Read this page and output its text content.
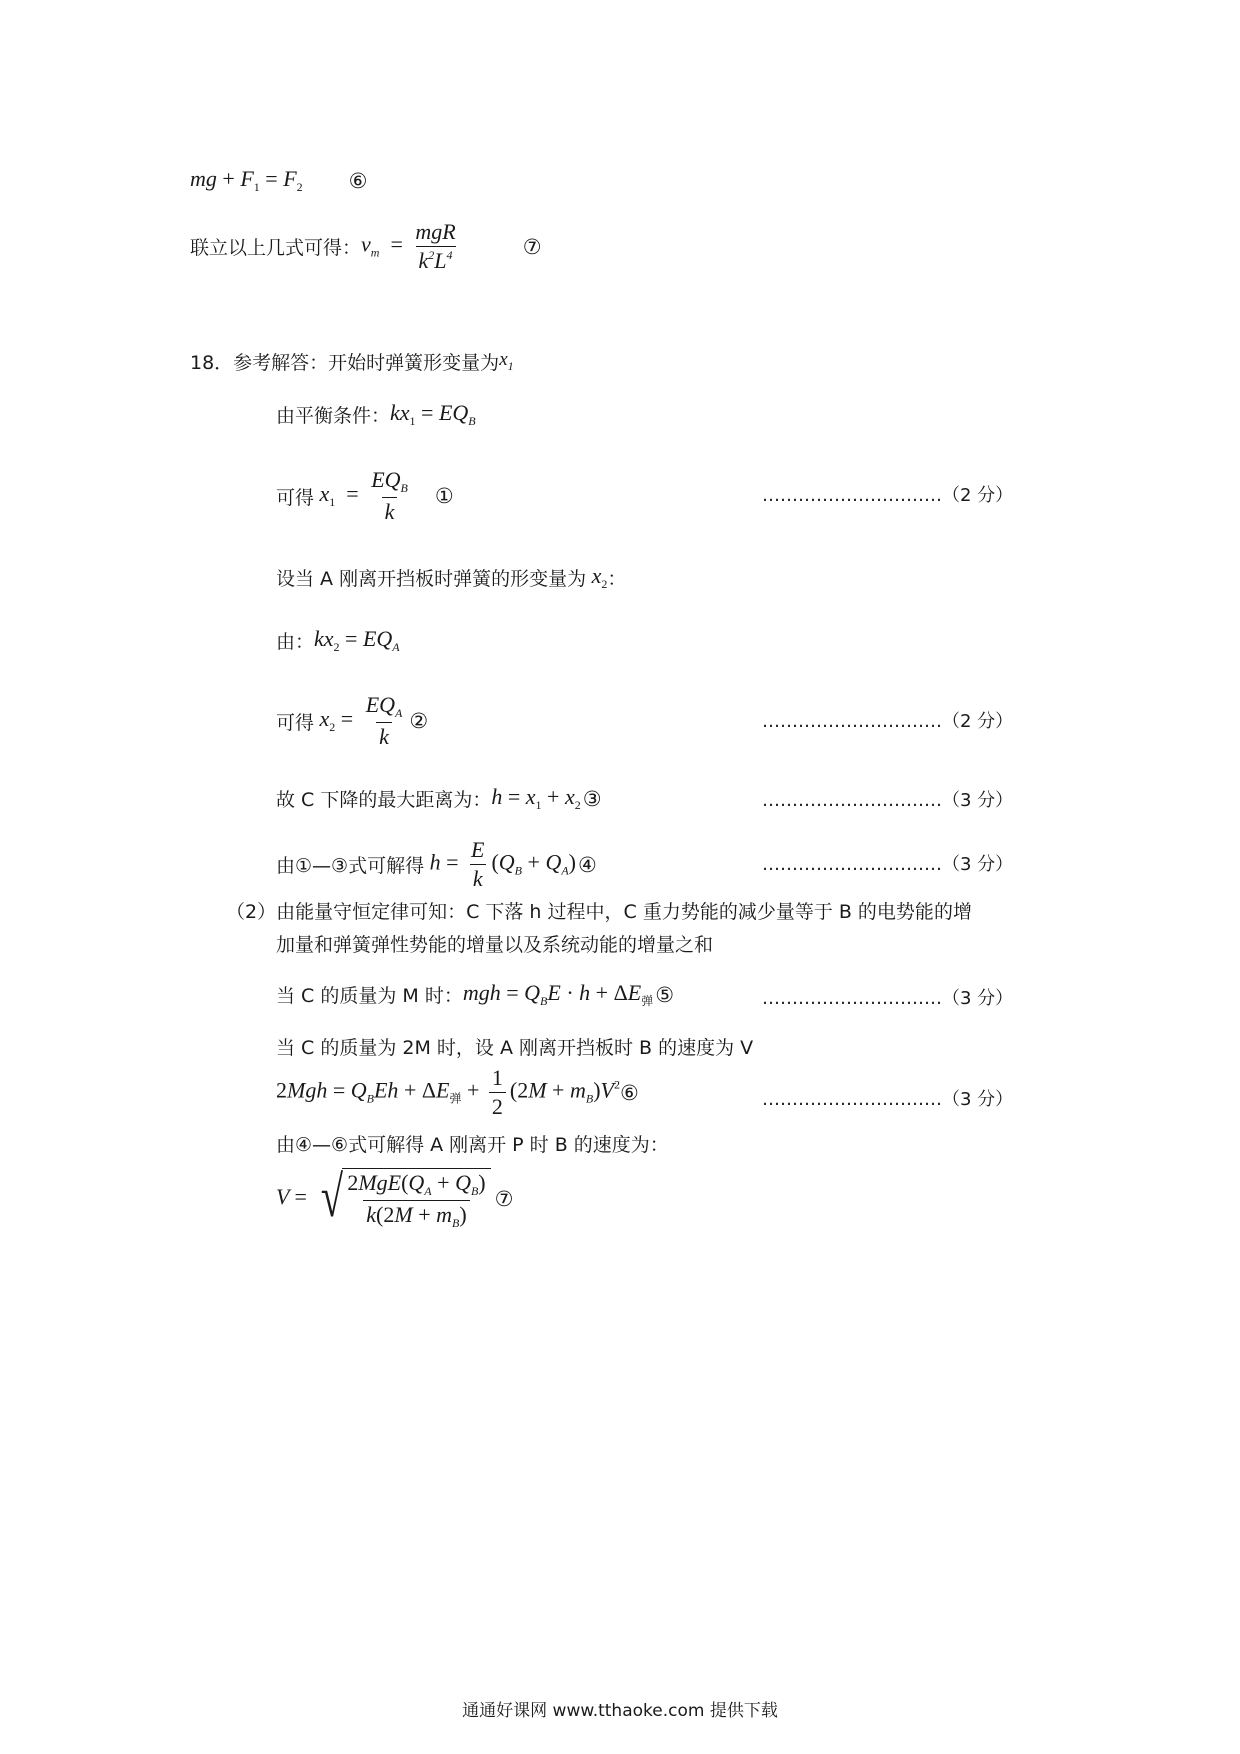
mg + $F_1 = F_2$ ⑥
联立以上几式可得： $v_m = \frac{\text{mgR}}{k^2L^4}$	⑦
18．参考解答：开始时弹簧形变量为 $x_1$
由平衡条件： $kx_1 = EQ_B$
可得 $x_1 = \frac{EQ_B}{k}$ ①	…………………………（2 分）
设当 A 刚离开挡板时弹簧的形变量为 $x_2$ ：
由： $kx_2 = EQ_A$
可得 $x_2 = \frac{EQ_A}{k}$ ②	…………………………（2 分）
故 C 下降的最大距离为： $h = x_1 + x_2$ ③	…………………………（3 分）
由①—③式可解得 $h = \frac{E}{k} (Q_B + Q_A)$ ④	…………………………（3 分）
（2）由能量守恒定律可知：C 下落 h 过程中，C 重力势能的减少量等于 B 的电势能的增
加量和弹簧弹性势能的增量以及系统动能的增量之和
当 C 的质量为 M 时： mgh = $Q_BE \cdot h + \Delta E_弹$ ⑤	…………………………（3 分）
当 C 的质量为 2M 时，设 A 刚离开挡板时 B 的速度为 V
$2Mgh = Q_BEh + \Delta E_弹 + \frac{1}{2} (2M + m_B)V^2$ ⑥	…………………………（3 分）
由④—⑥式可解得 A 刚离开 P 时 B 的速度为：
V = √ $\frac{2MgE(Q_A + Q_B)}{k(2M + m_B)}$ ⑦
通通好课网 www.tthaoke.com 提供下载
